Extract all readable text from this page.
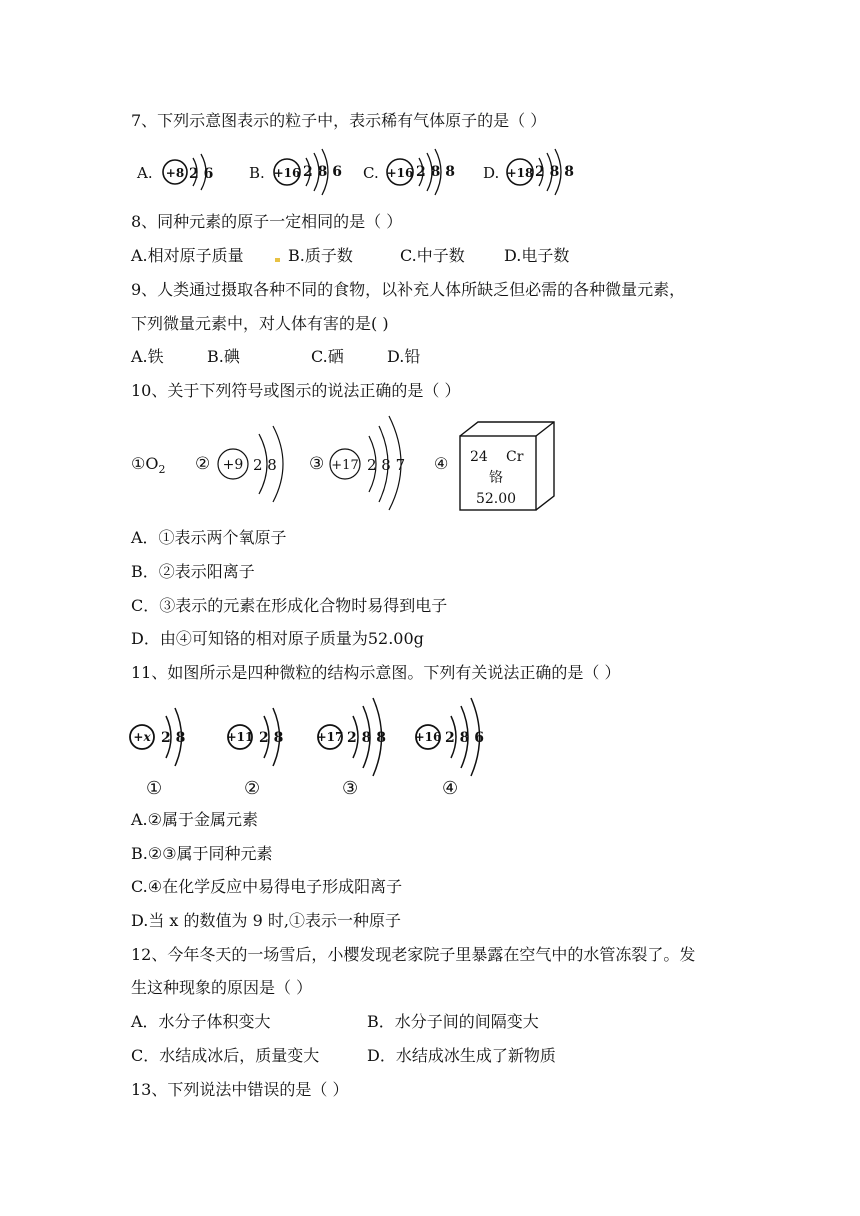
7、下列示意图表示的粒子中，表示稀有气体原子的是（ ）
A. +8 2 6 B. +16 2 8 6 C. +16 2 8 8 D. +18 2 8 8
8、同种元素的原子一定相同的是（ ）
A.相对原子质量	B.质子数	C.中子数 D.电子数
9、人类通过摄取各种不同的食物，以补充人体所缺乏但必需的各种微量元素，
下列微量元素中，对人体有害的是( )
A.铁	B.碘	C.硒	D.铅
10、关于下列符号或图示的说法正确的是（ ）
$①O_2$ ② +9 2 8 ③ +17 2 8 7 ④ 24 Cr
铬
52.00
A．①表示两个氧原子
B．②表示阳离子
C．③表示的元素在形成化合物时易得到电子
D．由④可知铬的相对原子质量为52.00g
11、如图所示是四种微粒的结构示意图。下列有关说法正确的是（ ）
+x 2 8
①
+11 2 8
②
+17 2 8 8
③
+16 2 8 6
④
A.②属于金属元素
B.②③属于同种元素
C.④在化学反应中易得电子形成阳离子
D.当 x 的数值为 9 时,①表示一种原子
12、今年冬天的一场雪后，小樱发现老家院子里暴露在空气中的水管冻裂了。发
生这种现象的原因是（ ）
A．水分子体积变大	B．水分子间的间隔变大
C．水结成冰后，质量变大	D．水结成冰生成了新物质
13、下列说法中错误的是（ ）
